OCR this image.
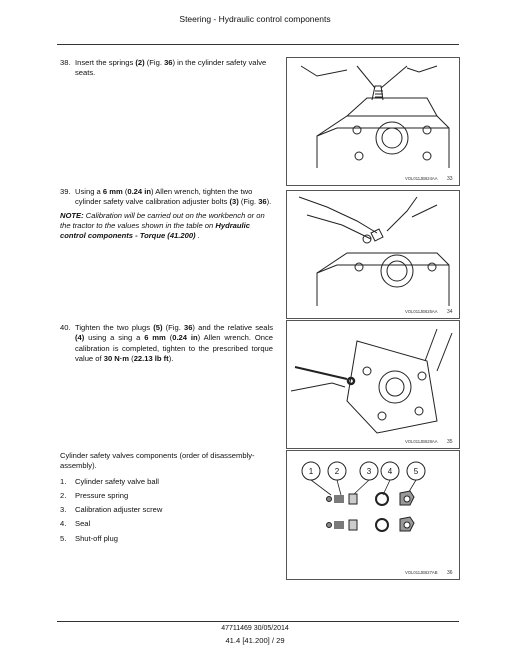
Steering - Hydraulic control components
38. Insert the springs (2) (Fig. 36) in the cylinder safety valve seats.
39. Using a 6 mm (0.24 in) Allen wrench, tighten the two cylinder safety valve calibration adjuster bolts (3) (Fig. 36).
NOTE: Calibration will be carried out on the workbench or on the tractor to the values shown in the table on Hydraulic control components - Torque (41.200) .
40. Tighten the two plugs (5) (Fig. 36) and the relative seals (4) using a sing a 6 mm (0.24 in) Allen wrench. Once calibration is completed, tighten to the prescribed torque value of 30 N·m (22.13 lb ft).
VOL011JB624AA 33
VOL011JB625AA 34
VOL011JB628AA 35
1	2	3 4	5
VOL011JB627AB 36
Cylinder safety valves components (order of disassembly-assembly).
1. Cylinder safety valve ball
2. Pressure spring
3. Calibration adjuster screw
4. Seal
5. Shut-off plug
47711469 30/05/2014
41.4 [41.200] / 29
